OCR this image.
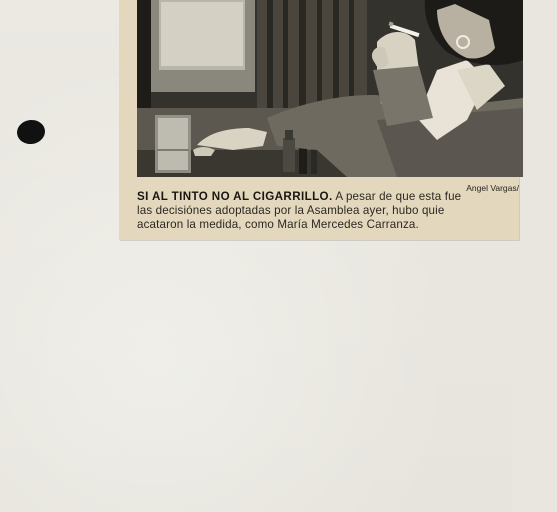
Angel Vargas/
SI AL TINTO NO AL CIGARRILLO. A pesar de que esta fue
las decisiónes adoptadas por la Asamblea ayer, hubo quie
acataron la medida, como María Mercedes Carranza.
